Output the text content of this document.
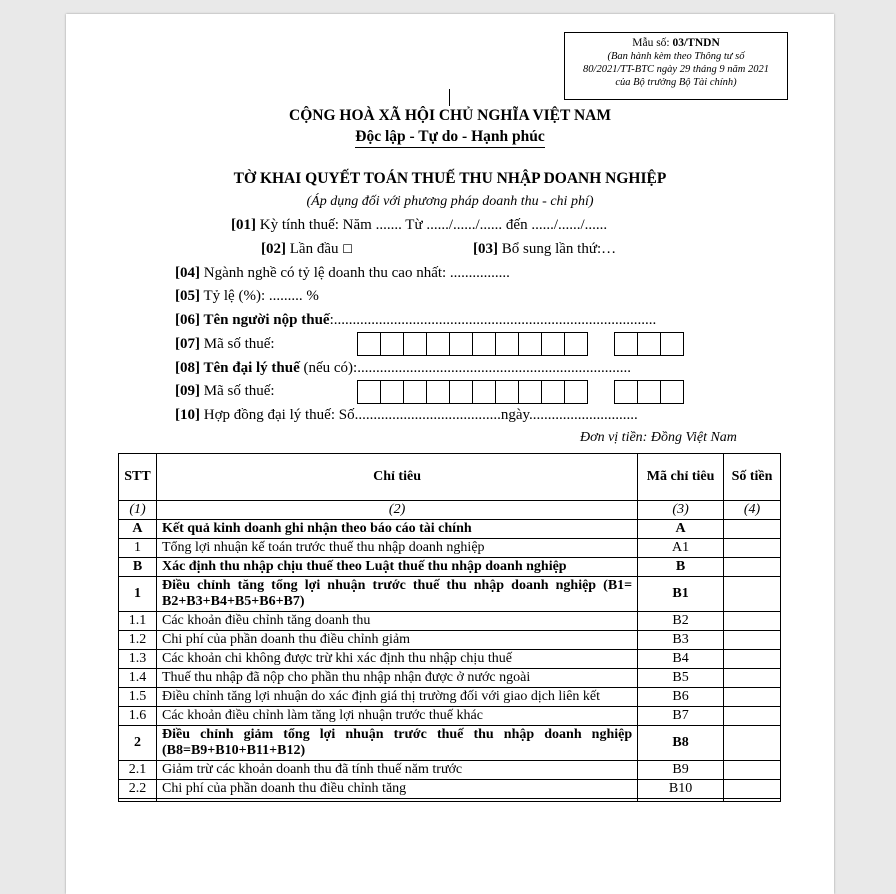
Mẫu số: 03/TNDN
(Ban hành kèm theo Thông tư số
80/2021/TT-BTC ngày 29 tháng 9 năm 2021
của Bộ trưởng Bộ Tài chính)
CỘNG HOÀ XÃ HỘI CHỦ NGHĨA VIỆT NAM
Độc lập - Tự do - Hạnh phúc
TỜ KHAI QUYẾT TOÁN THUẾ THU NHẬP DOANH NGHIỆP
(Áp dụng đối với phương pháp doanh thu - chi phí)
[01] Kỳ tính thuế: Năm ....... Từ ....../....../...... đến ....../....../......
[02] Lần đầu ☐	[03] Bổ sung lần thứ:…
[04] Ngành nghề có tỷ lệ doanh thu cao nhất: ................
[05] Tỷ lệ (%): ......... %
[06] Tên người nộp thuế:......................................................................................
[07] Mã số thuế:
[08] Tên đại lý thuế (nếu có):.........................................................................
[09] Mã số thuế:
[10] Hợp đồng đại lý thuế: Số.......................................ngày.............................
Đơn vị tiền: Đồng Việt Nam
STT	Chỉ tiêu	Mã chỉ tiêu	Số tiền
(1)	(2)	(3)	(4)
A	Kết quả kinh doanh ghi nhận theo báo cáo tài chính	A	
1	Tổng lợi nhuận kế toán trước thuế thu nhập doanh nghiệp	A1	
B	Xác định thu nhập chịu thuế theo Luật thuế thu nhập doanh nghiệp	B	
1	Điều chỉnh tăng tổng lợi nhuận trước thuế thu nhập doanh nghiệp (B1= B2+B3+B4+B5+B6+B7)	B1	
1.1	Các khoản điều chỉnh tăng doanh thu	B2	
1.2	Chi phí của phần doanh thu điều chỉnh giảm	B3	
1.3	Các khoản chi không được trừ khi xác định thu nhập chịu thuế	B4	
1.4	Thuế thu nhập đã nộp cho phần thu nhập nhận được ở nước ngoài	B5	
1.5	Điều chỉnh tăng lợi nhuận do xác định giá thị trường đối với giao dịch liên kết	B6	
1.6	Các khoản điều chỉnh làm tăng lợi nhuận trước thuế khác	B7	
2	Điều chỉnh giảm tổng lợi nhuận trước thuế thu nhập doanh nghiệp (B8=B9+B10+B11+B12)	B8	
2.1	Giảm trừ các khoản doanh thu đã tính thuế năm trước	B9	
2.2	Chi phí của phần doanh thu điều chỉnh tăng	B10	
